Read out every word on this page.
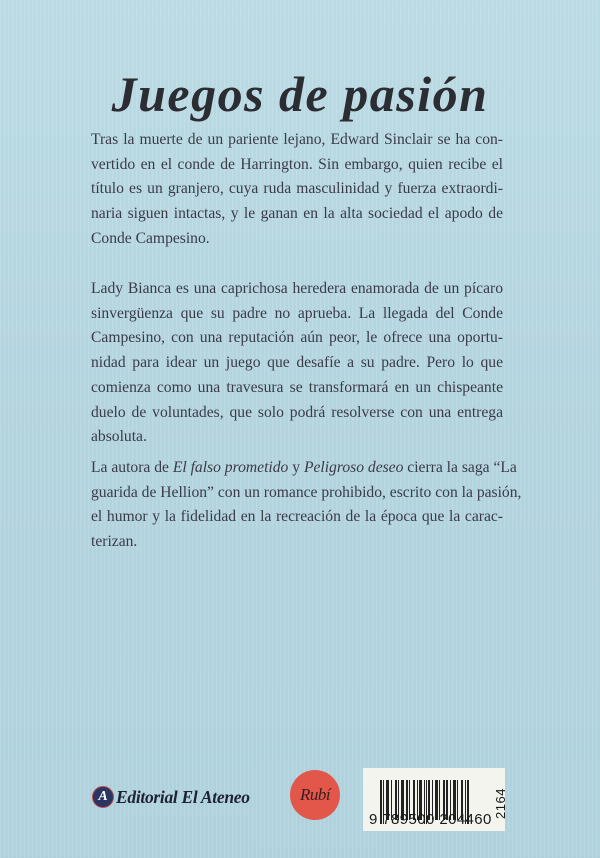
Juegos de pasión
Tras la muerte de un pariente lejano, Edward Sinclair se ha con-
vertido en el conde de Harrington. Sin embargo, quien recibe el
título es un granjero, cuya ruda masculinidad y fuerza extraordi-
naria siguen intactas, y le ganan en la alta sociedad el apodo de
Conde Campesino.
Lady Bianca es una caprichosa heredera enamorada de un pícaro
sinvergüenza que su padre no aprueba. La llegada del Conde
Campesino, con una reputación aún peor, le ofrece una oportu-
nidad para idear un juego que desafíe a su padre. Pero lo que
comienza como una travesura se transformará en un chispeante
duelo de voluntades, que solo podrá resolverse con una entrega
absoluta.
La autora de El falso prometido y Peligroso deseo cierra la saga “La
guarida de Hellion” con un romance prohibido, escrito con la pasión,
el humor y la fidelidad en la recreación de la época que la carac-
terizan.
A Editorial El Ateneo	Rubí
9 789500 204460
2164
